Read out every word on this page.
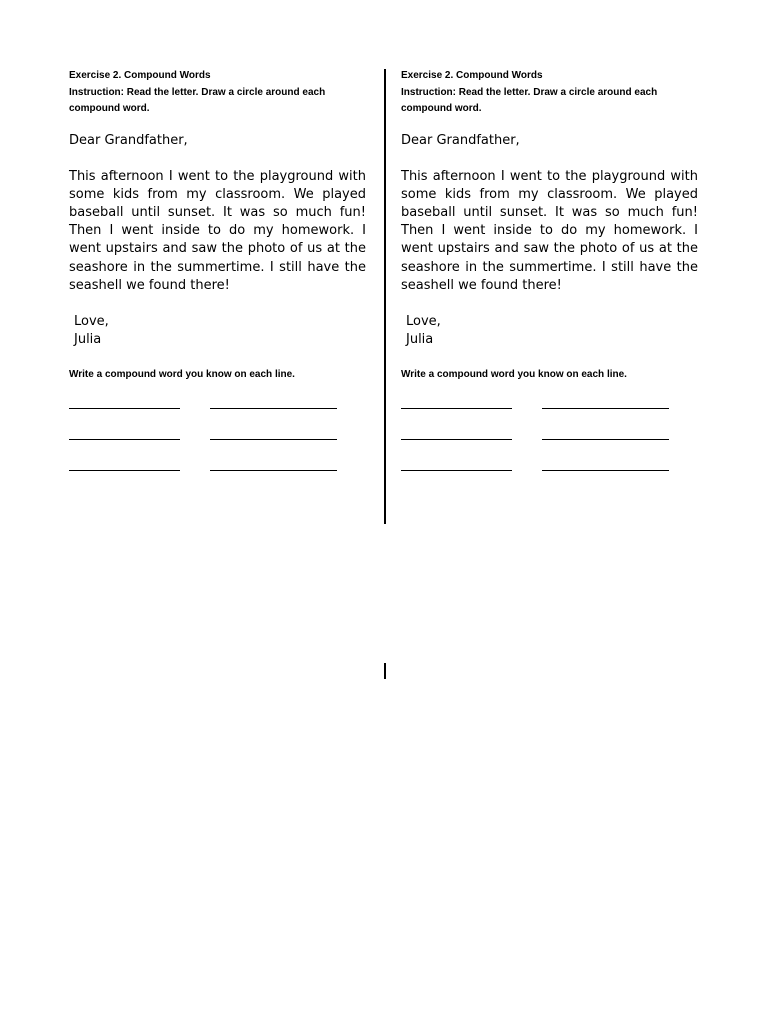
Exercise 2. Compound Words

Instruction: Read the letter. Draw a circle around each

compound word.

Dear Grandfather,

This afternoon I went to the playground with some kids from my classroom. We played baseball until sunset. It was so much fun! Then I went inside to do my homework. I went upstairs and saw the photo of us at the seashore in the summertime. I still have the seashell we found there!

Love,
Julia

Write a compound word you know on each line.

Exercise 2. Compound Words

Instruction: Read the letter. Draw a circle around each

compound word.

Dear Grandfather,

This afternoon I went to the playground with some kids from my classroom. We played baseball until sunset. It was so much fun! Then I went inside to do my homework. I went upstairs and saw the photo of us at the seashore in the summertime. I still have the seashell we found there!

Love,
Julia

Write a compound word you know on each line.
